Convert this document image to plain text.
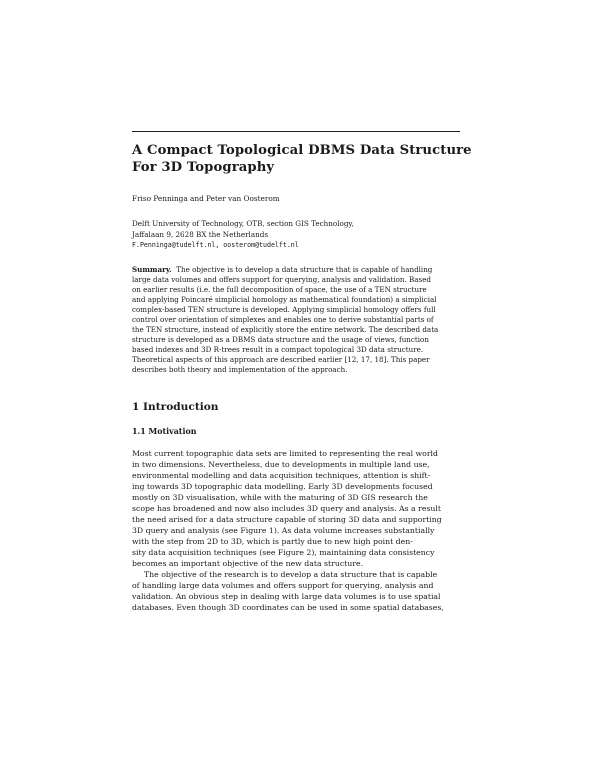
A Compact Topological DBMS Data Structure
For 3D Topography
Friso Penninga and Peter van Oosterom
Delft University of Technology, OTB, section GIS Technology,
Jaffalaan 9, 2628 BX the Netherlands
F.Penninga@tudelft.nl, oosterom@tudelft.nl
Summary. The objective is to develop a data structure that is capable of handling
large data volumes and offers support for querying, analysis and validation. Based
on earlier results (i.e. the full decomposition of space, the use of a TEN structure
and applying Poincaré simplicial homology as mathematical foundation) a simplicial
complex-based TEN structure is developed. Applying simplicial homology offers full
control over orientation of simplexes and enables one to derive substantial parts of
the TEN structure, instead of explicitly store the entire network. The described data
structure is developed as a DBMS data structure and the usage of views, function
based indexes and 3D R-trees result in a compact topological 3D data structure.
Theoretical aspects of this approach are described earlier [12, 17, 18]. This paper
describes both theory and implementation of the approach.
1 Introduction
1.1 Motivation
Most current topographic data sets are limited to representing the real world
in two dimensions. Nevertheless, due to developments in multiple land use,
environmental modelling and data acquisition techniques, attention is shift-
ing towards 3D topographic data modelling. Early 3D developments focused
mostly on 3D visualisation, while with the maturing of 3D GIS research the
scope has broadened and now also includes 3D query and analysis. As a result
the need arised for a data structure capable of storing 3D data and supporting
3D query and analysis (see Figure 1). As data volume increases substantially
with the step from 2D to 3D, which is partly due to new high point den-
sity data acquisition techniques (see Figure 2), maintaining data consistency
becomes an important objective of the new data structure.
The objective of the research is to develop a data structure that is capable
of handling large data volumes and offers support for querying, analysis and
validation. An obvious step in dealing with large data volumes is to use spatial
databases. Even though 3D coordinates can be used in some spatial databases,
